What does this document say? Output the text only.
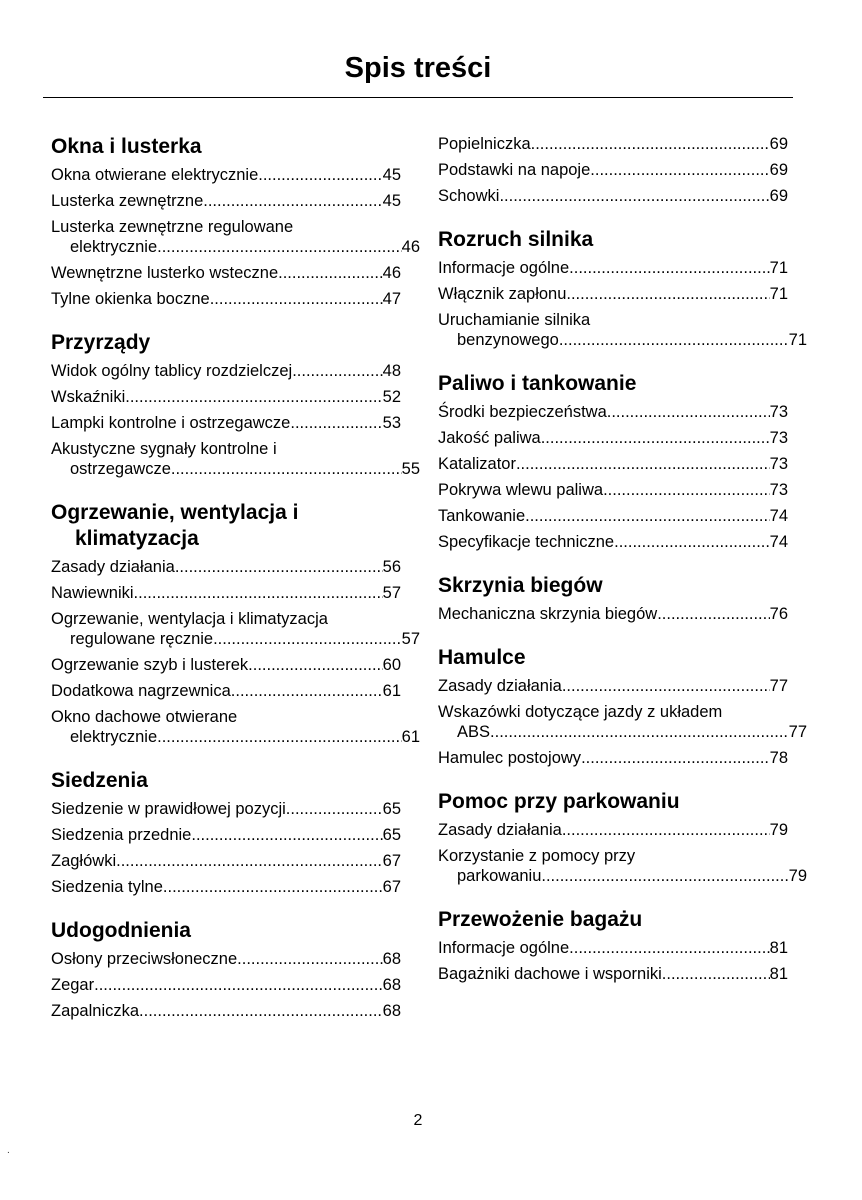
Spis treści
Okna i lusterka
Okna otwierane elektrycznie .....	45
Lusterka zewnętrzne .....	45
Lusterka zewnętrzne regulowane
elektrycznie .....	46
Wewnętrzne lusterko wsteczne .....	46
Tylne okienka boczne .....	47
Przyrządy
Widok ogólny tablicy rozdzielczej .....	48
Wskaźniki .....	52
Lampki kontrolne i ostrzegawcze .....	53
Akustyczne sygnały kontrolne i
ostrzegawcze .....	55
Ogrzewanie, wentylacja i
klimatyzacja
Zasady działania .....	56
Nawiewniki .....	57
Ogrzewanie, wentylacja i klimatyzacja
regulowane ręcznie .....	57
Ogrzewanie szyb i lusterek .....	60
Dodatkowa nagrzewnica .....	61
Okno dachowe otwierane
elektrycznie .....	61
Siedzenia
Siedzenie w prawidłowej pozycji .....	65
Siedzenia przednie .....	65
Zagłówki .....	67
Siedzenia tylne .....	67
Udogodnienia
Osłony przeciwsłoneczne .....	68
Zegar .....	68
Zapalniczka .....	68
Popielniczka .....	69
Podstawki na napoje .....	69
Schowki .....	69
Rozruch silnika
Informacje ogólne .....	71
Włącznik zapłonu .....	71
Uruchamianie silnika
benzynowego .....	71
Paliwo i tankowanie
Środki bezpieczeństwa .....	73
Jakość paliwa .....	73
Katalizator .....	73
Pokrywa wlewu paliwa .....	73
Tankowanie .....	74
Specyfikacje techniczne .....	74
Skrzynia biegów
Mechaniczna skrzynia biegów .....	76
Hamulce
Zasady działania .....	77
Wskazówki dotyczące jazdy z układem
ABS .....	77
Hamulec postojowy .....	78
Pomoc przy parkowaniu
Zasady działania .....	79
Korzystanie z pomocy przy
parkowaniu .....	79
Przewożenie bagażu
Informacje ogólne .....	81
Bagażniki dachowe i wsporniki .....	81
2
.
